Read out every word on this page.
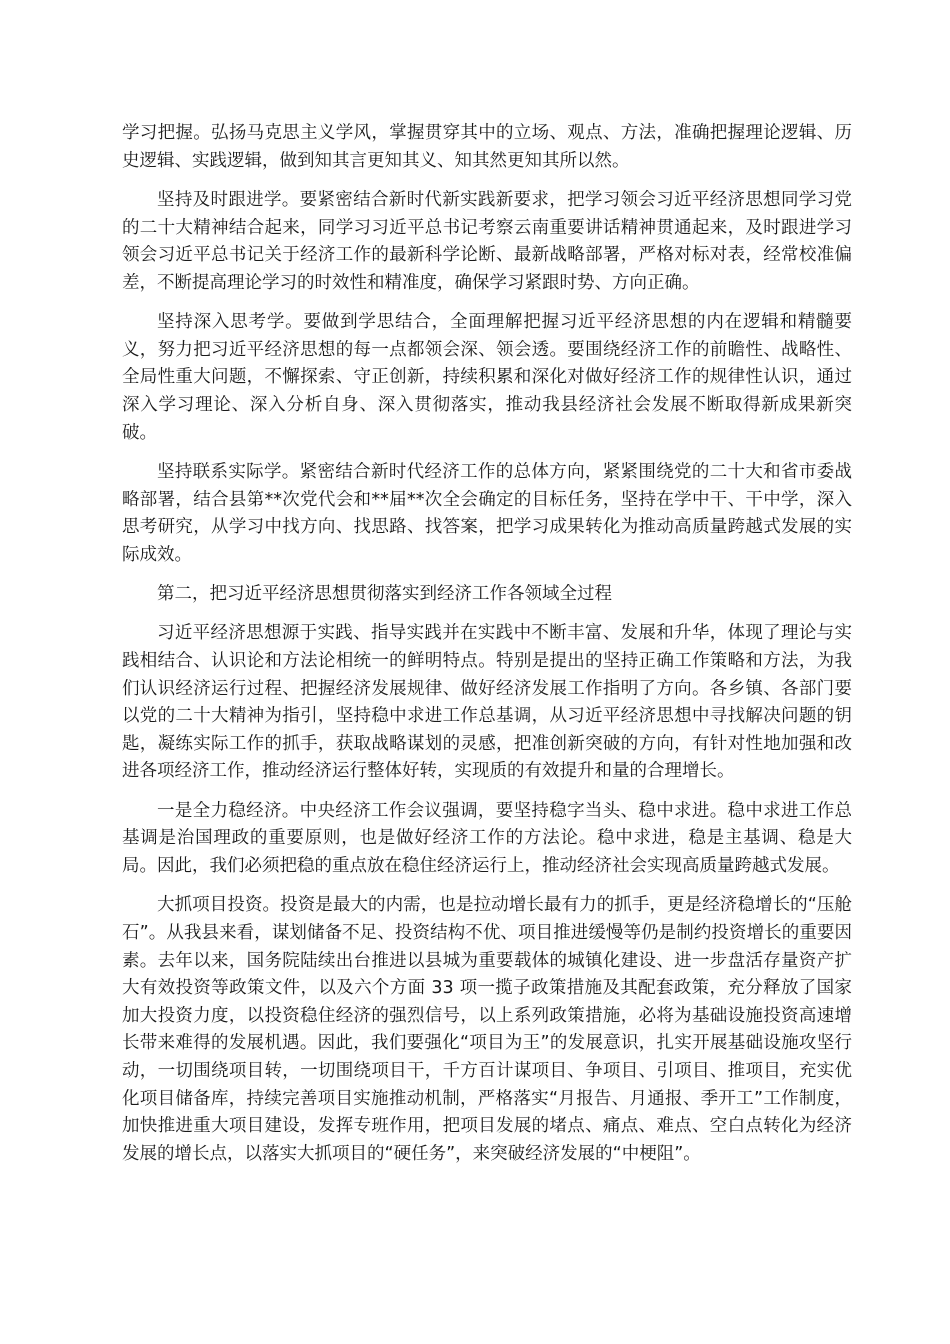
学习把握。弘扬马克思主义学风，掌握贯穿其中的立场、观点、方法，准确把握理论逻辑、历史逻辑、实践逻辑，做到知其言更知其义、知其然更知其所以然。

坚持及时跟进学。要紧密结合新时代新实践新要求，把学习领会习近平经济思想同学习党的二十大精神结合起来，同学习习近平总书记考察云南重要讲话精神贯通起来，及时跟进学习领会习近平总书记关于经济工作的最新科学论断、最新战略部署，严格对标对表，经常校准偏差，不断提高理论学习的时效性和精准度，确保学习紧跟时势、方向正确。

坚持深入思考学。要做到学思结合，全面理解把握习近平经济思想的内在逻辑和精髓要义，努力把习近平经济思想的每一点都领会深、领会透。要围绕经济工作的前瞻性、战略性、全局性重大问题，不懈探索、守正创新，持续积累和深化对做好经济工作的规律性认识，通过深入学习理论、深入分析自身、深入贯彻落实，推动我县经济社会发展不断取得新成果新突破。

坚持联系实际学。紧密结合新时代经济工作的总体方向，紧紧围绕党的二十大和省市委战略部署，结合县第**次党代会和**届**次全会确定的目标任务，坚持在学中干、干中学，深入思考研究，从学习中找方向、找思路、找答案，把学习成果转化为推动高质量跨越式发展的实际成效。

第二，把习近平经济思想贯彻落实到经济工作各领域全过程

习近平经济思想源于实践、指导实践并在实践中不断丰富、发展和升华，体现了理论与实践相结合、认识论和方法论相统一的鲜明特点。特别是提出的坚持正确工作策略和方法，为我们认识经济运行过程、把握经济发展规律、做好经济发展工作指明了方向。各乡镇、各部门要以党的二十大精神为指引，坚持稳中求进工作总基调，从习近平经济思想中寻找解决问题的钥匙，凝练实际工作的抓手，获取战略谋划的灵感，把准创新突破的方向，有针对性地加强和改进各项经济工作，推动经济运行整体好转，实现质的有效提升和量的合理增长。

一是全力稳经济。中央经济工作会议强调，要坚持稳字当头、稳中求进。稳中求进工作总基调是治国理政的重要原则，也是做好经济工作的方法论。稳中求进，稳是主基调、稳是大局。因此，我们必须把稳的重点放在稳住经济运行上，推动经济社会实现高质量跨越式发展。

大抓项目投资。投资是最大的内需，也是拉动增长最有力的抓手，更是经济稳增长的“压舱石”。从我县来看，谋划储备不足、投资结构不优、项目推进缓慢等仍是制约投资增长的重要因素。去年以来，国务院陆续出台推进以县城为重要载体的城镇化建设、进一步盘活存量资产扩大有效投资等政策文件，以及六个方面 33 项一揽子政策措施及其配套政策，充分释放了国家加大投资力度，以投资稳住经济的强烈信号，以上系列政策措施，必将为基础设施投资高速增长带来难得的发展机遇。因此，我们要强化“项目为王”的发展意识，扎实开展基础设施攻坚行动，一切围绕项目转，一切围绕项目干，千方百计谋项目、争项目、引项目、推项目，充实优化项目储备库，持续完善项目实施推动机制，严格落实“月报告、月通报、季开工”工作制度，加快推进重大项目建设，发挥专班作用，把项目发展的堵点、痛点、难点、空白点转化为经济发展的增长点，以落实大抓项目的“硬任务”，来突破经济发展的“中梗阻”。
